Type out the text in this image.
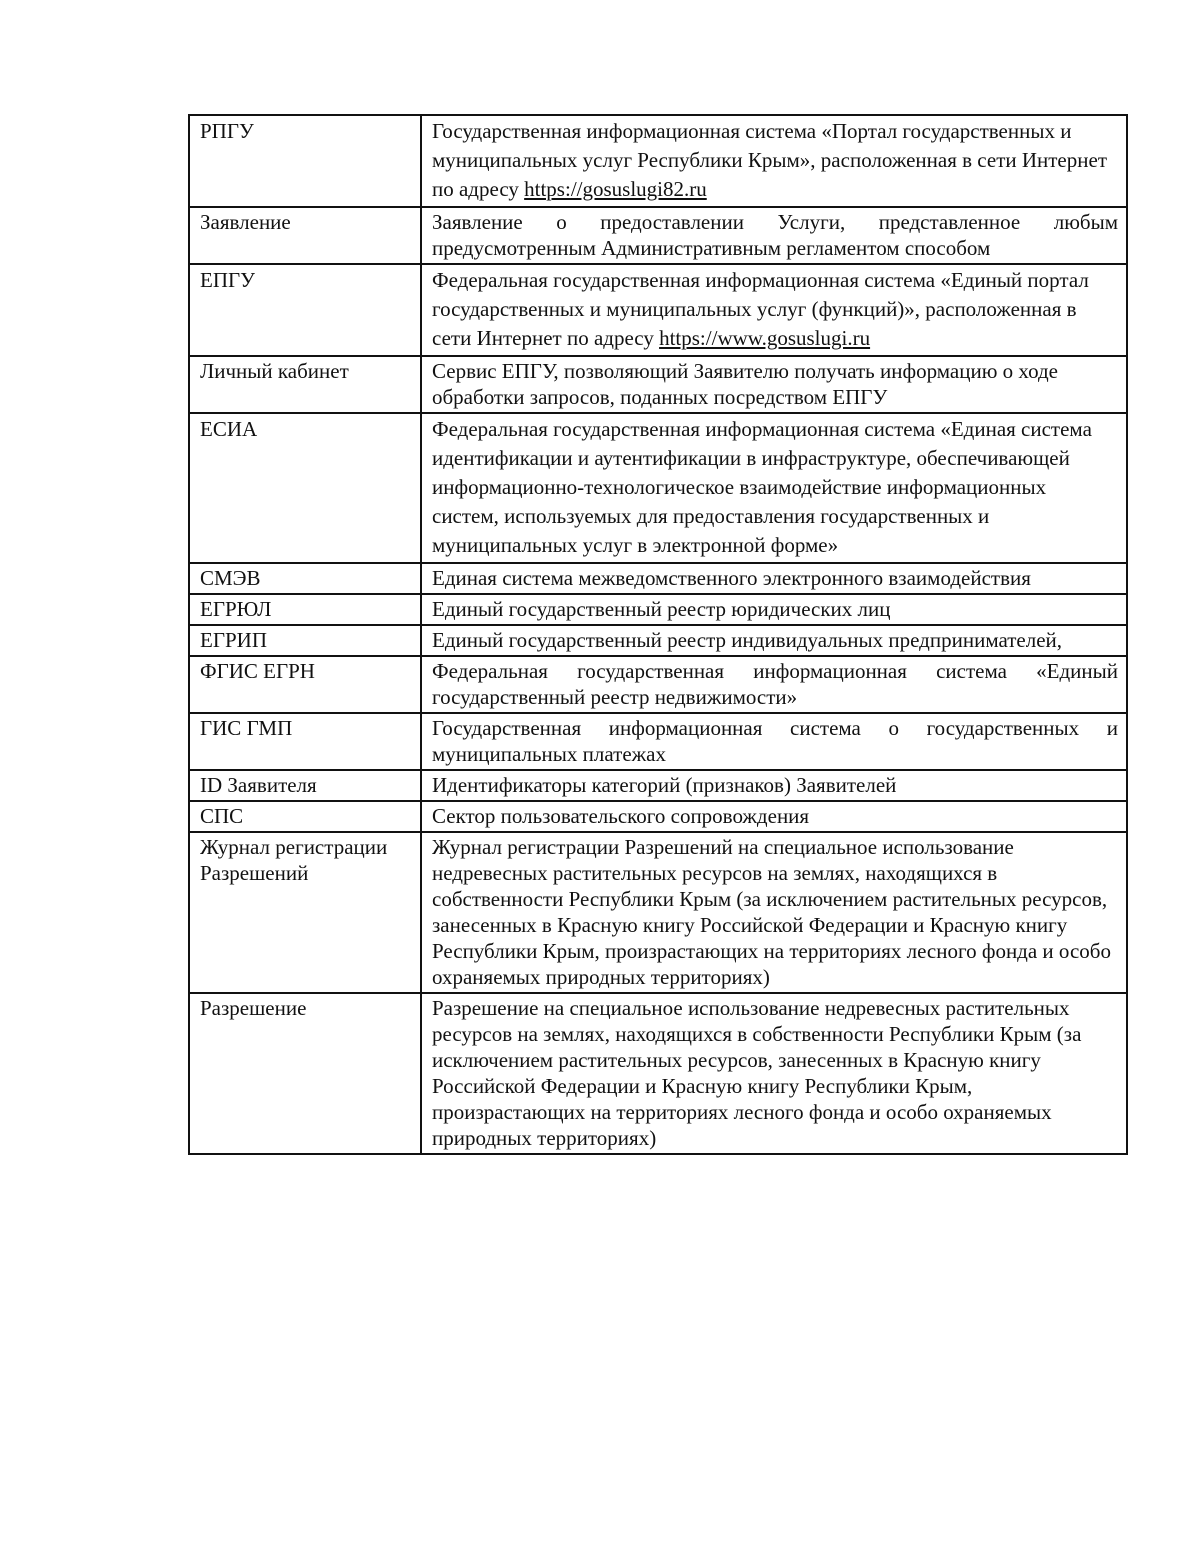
РПГУ	Государственная информационная система «Портал государственных и муниципальных услуг Республики Крым», расположенная в сети Интернет по адресу https://gosuslugi82.ru
Заявление	Заявление о предоставлении Услуги, представленное любым предусмотренным Административным регламентом способом
ЕПГУ	Федеральная государственная информационная система «Единый портал государственных и муниципальных услуг (функций)», расположенная в сети Интернет по адресу https://www.gosuslugi.ru
Личный кабинет	Сервис ЕПГУ, позволяющий Заявителю получать информацию о ходе обработки запросов, поданных посредством ЕПГУ
ЕСИА	Федеральная государственная информационная система «Единая система идентификации и аутентификации в инфраструктуре, обеспечивающей информационно-технологическое взаимодействие информационных систем, используемых для предоставления государственных и муниципальных услуг в электронной форме»
СМЭВ	Единая система межведомственного электронного взаимодействия
ЕГРЮЛ	Единый государственный реестр юридических лиц
ЕГРИП	Единый государственный реестр индивидуальных предпринимателей,
ФГИС ЕГРН	Федеральная государственная информационная система «Единый государственный реестр недвижимости»
ГИС ГМП	Государственная информационная система о государственных и муниципальных платежах
ID Заявителя	Идентификаторы категорий (признаков) Заявителей
СПС	Сектор пользовательского сопровождения
Журнал регистрации Разрешений	Журнал регистрации Разрешений на специальное использование недревесных растительных ресурсов на землях, находящихся в собственности Республики Крым (за исключением растительных ресурсов, занесенных в Красную книгу Российской Федерации и Красную книгу Республики Крым, произрастающих на территориях лесного фонда и особо охраняемых природных территориях)
Разрешение	Разрешение на специальное использование недревесных растительных ресурсов на землях, находящихся в собственности Республики Крым (за исключением растительных ресурсов, занесенных в Красную книгу Российской Федерации и Красную книгу Республики Крым, произрастающих на территориях лесного фонда и особо охраняемых природных территориях)
